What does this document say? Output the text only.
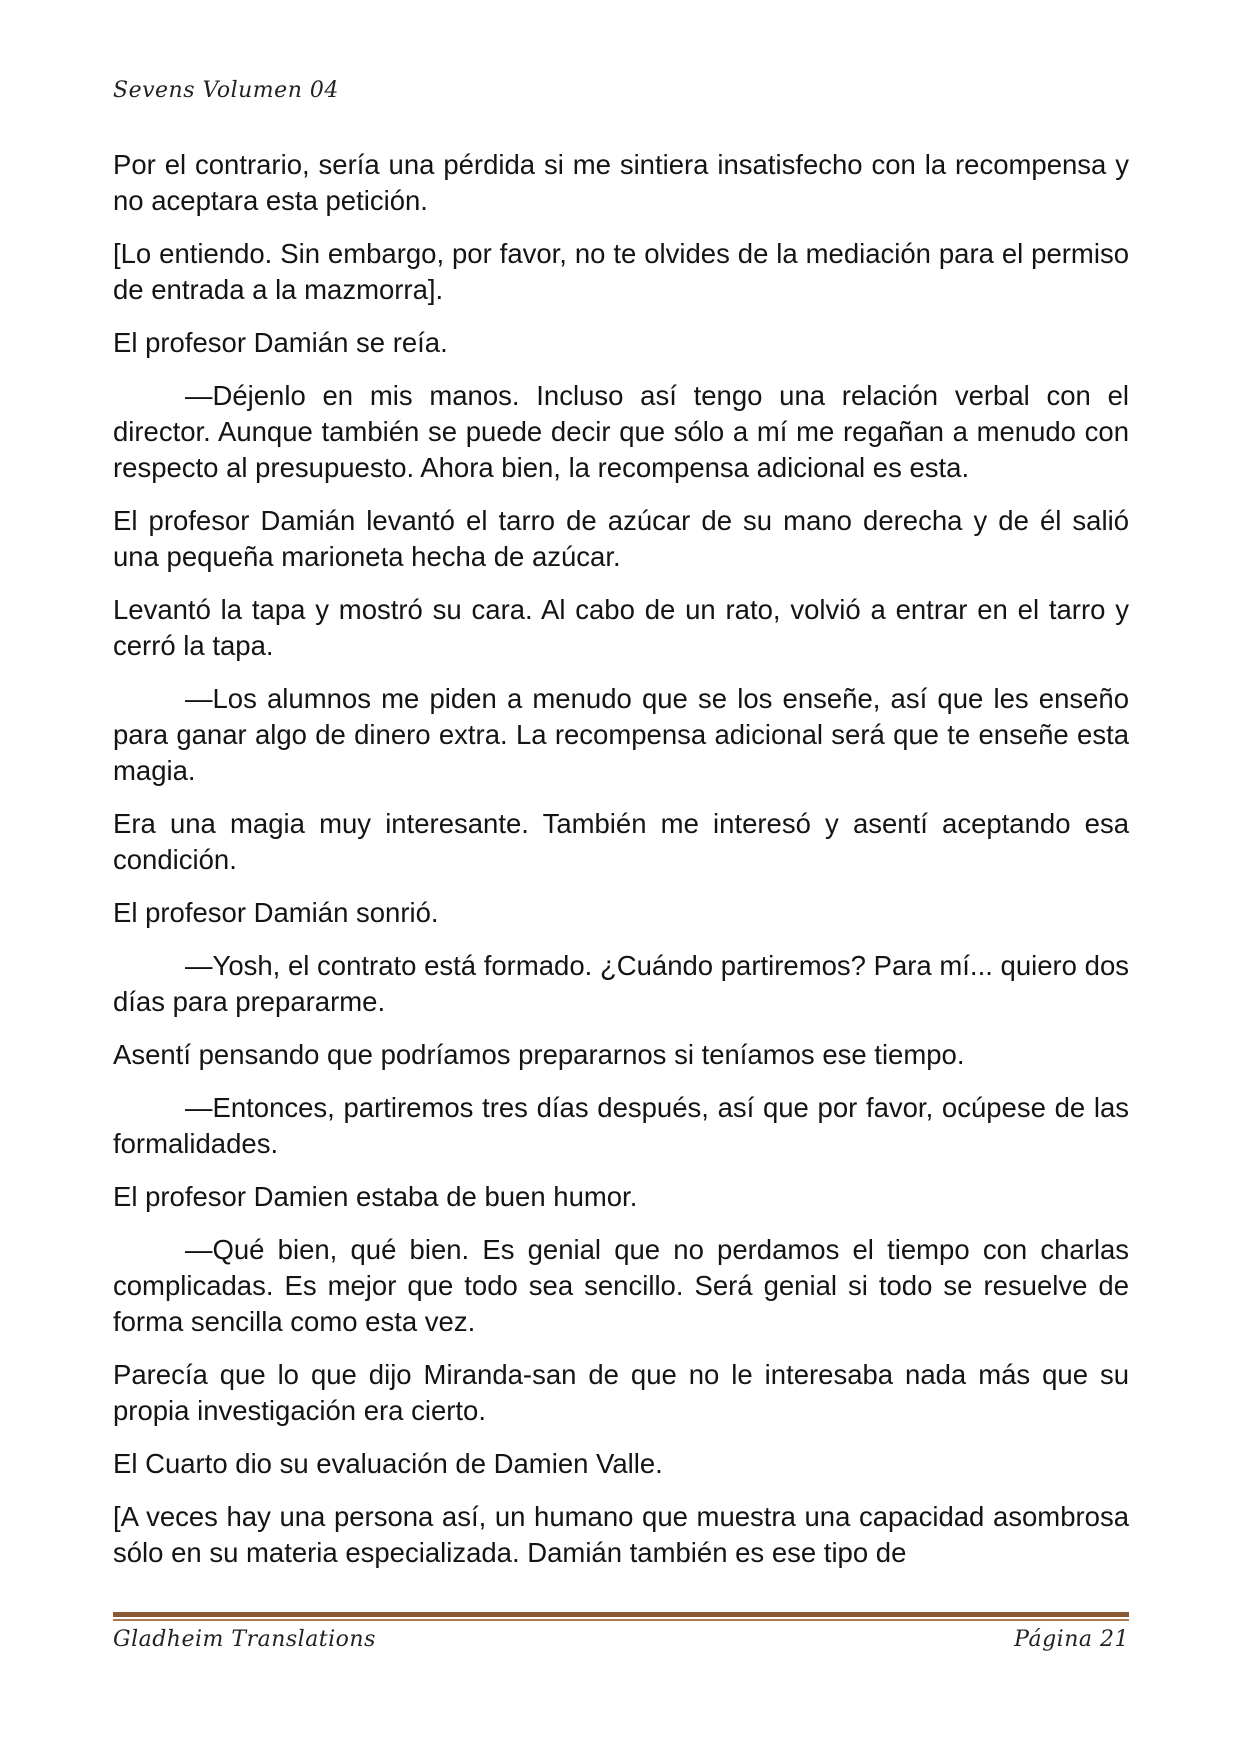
Sevens Volumen 04

Por el contrario, sería una pérdida si me sintiera insatisfecho con la recompensa y no aceptara esta petición.

[Lo entiendo. Sin embargo, por favor, no te olvides de la mediación para el permiso de entrada a la mazmorra].

El profesor Damián se reía.

—Déjenlo en mis manos. Incluso así tengo una relación verbal con el director. Aunque también se puede decir que sólo a mí me regañan a menudo con respecto al presupuesto. Ahora bien, la recompensa adicional es esta.

El profesor Damián levantó el tarro de azúcar de su mano derecha y de él salió una pequeña marioneta hecha de azúcar.

Levantó la tapa y mostró su cara. Al cabo de un rato, volvió a entrar en el tarro y cerró la tapa.

—Los alumnos me piden a menudo que se los enseñe, así que les enseño para ganar algo de dinero extra. La recompensa adicional será que te enseñe esta magia.

Era una magia muy interesante. También me interesó y asentí aceptando esa condición.

El profesor Damián sonrió.

—Yosh, el contrato está formado. ¿Cuándo partiremos? Para mí... quiero dos días para prepararme.

Asentí pensando que podríamos prepararnos si teníamos ese tiempo.

—Entonces, partiremos tres días después, así que por favor, ocúpese de las formalidades.

El profesor Damien estaba de buen humor.

—Qué bien, qué bien. Es genial que no perdamos el tiempo con charlas complicadas. Es mejor que todo sea sencillo. Será genial si todo se resuelve de forma sencilla como esta vez.

Parecía que lo que dijo Miranda-san de que no le interesaba nada más que su propia investigación era cierto.

El Cuarto dio su evaluación de Damien Valle.

[A veces hay una persona así, un humano que muestra una capacidad asombrosa sólo en su materia especializada. Damián también es ese tipo de

Gladheim Translations	Página 21
